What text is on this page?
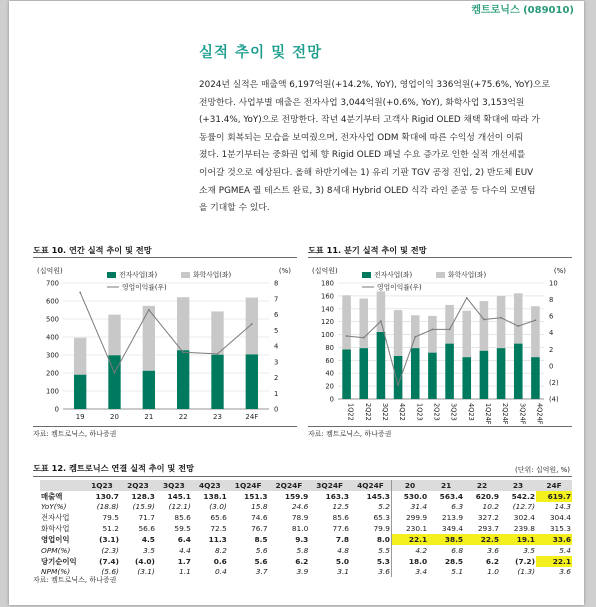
켐트로닉스 (089010)
실적 추이 및 전망
2024년 실적은 매출액 6,197억원(+14.2%, YoY), 영업이익 336억원(+75.6%, YoY)으로
전망한다. 사업부별 매출은 전자사업 3,044억원(+0.6%, YoY), 화학사업 3,153억원
(+31.4%, YoY)으로 전망한다. 작년 4분기부터 고객사 Rigid OLED 채택 확대에 따라 가
동률이 회복되는 모습을 보여줬으며, 전자사업 ODM 확대에 따른 수익성 개선이 이뤄
졌다. 1분기부터는 중화권 업체 향 Rigid OLED 패널 수요 증가로 인한 실적 개선세를
이어갈 것으로 예상된다. 올해 하반기에는 1) 유리 기판 TGV 공정 진입, 2) 반도체 EUV
소재 PGMEA 퀄 테스트 완료, 3) 8세대 Hybrid OLED 식각 라인 준공 등 다수의 모멘텀
을 기대할 수 있다.
도표 10. 연간 실적 추이 및 전망
(십억원)	(%)
0
100
200
300
400
500
600
700
0
1
2
3
4
5
6
7
8
19	20	21	22	23	24F
전자사업(좌)	화학사업(좌)
영업이익률(우)
자료: 켐트로닉스, 하나증권
도표 11. 분기 실적 추이 및 전망
(십억원)	(%)
0
20
40
60
80
100
120
140
160
180
(4)
(2)
0
2
4
6
8
10
1Q22 2Q22 3Q22 4Q22 1Q23 2Q23 3Q23 4Q23 1Q24F 2Q24F 3Q24F 4Q24F
전자사업(좌)	화학사업(좌)
영업이익률(우)
자료: 켐트로닉스, 하나증권
도표 12. 켐트로닉스 연결 실적 추이 및 전망	(단위: 십억원, %)
	1Q23	2Q23	3Q23	4Q23	1Q24F	2Q24F	3Q24F	4Q24F	20	21	22	23	24F
매출액	130.7	128.3	145.1	138.1	151.3	159.9	163.3	145.3	530.0	563.4	620.9	542.2	619.7
YoY(%)	(18.8)	(15.9)	(12.1)	(3.0)	15.8	24.6	12.5	5.2	31.4	6.3	10.2	(12.7)	14.3
전자사업	79.5	71.7	85.6	65.6	74.6	78.9	85.6	65.3	299.9	213.9	327.2	302.4	304.4
화학사업	51.2	56.6	59.5	72.5	76.7	81.0	77.6	79.9	230.1	349.4	293.7	239.8	315.3
영업이익	(3.1)	4.5	6.4	11.3	8.5	9.3	7.8	8.0	22.1	38.5	22.5	19.1	33.6
OPM(%)	(2.3)	3.5	4.4	8.2	5.6	5.8	4.8	5.5	4.2	6.8	3.6	3.5	5.4
당기순이익	(7.4)	(4.0)	1.7	0.6	5.6	6.2	5.0	5.3	18.0	28.5	6.2	(7.2)	22.1
NPM(%)	(5.6)	(3.1)	1.1	0.4	3.7	3.9	3.1	3.6	3.4	5.1	1.0	(1.3)	3.6
자료: 켐트로닉스, 하나증권
